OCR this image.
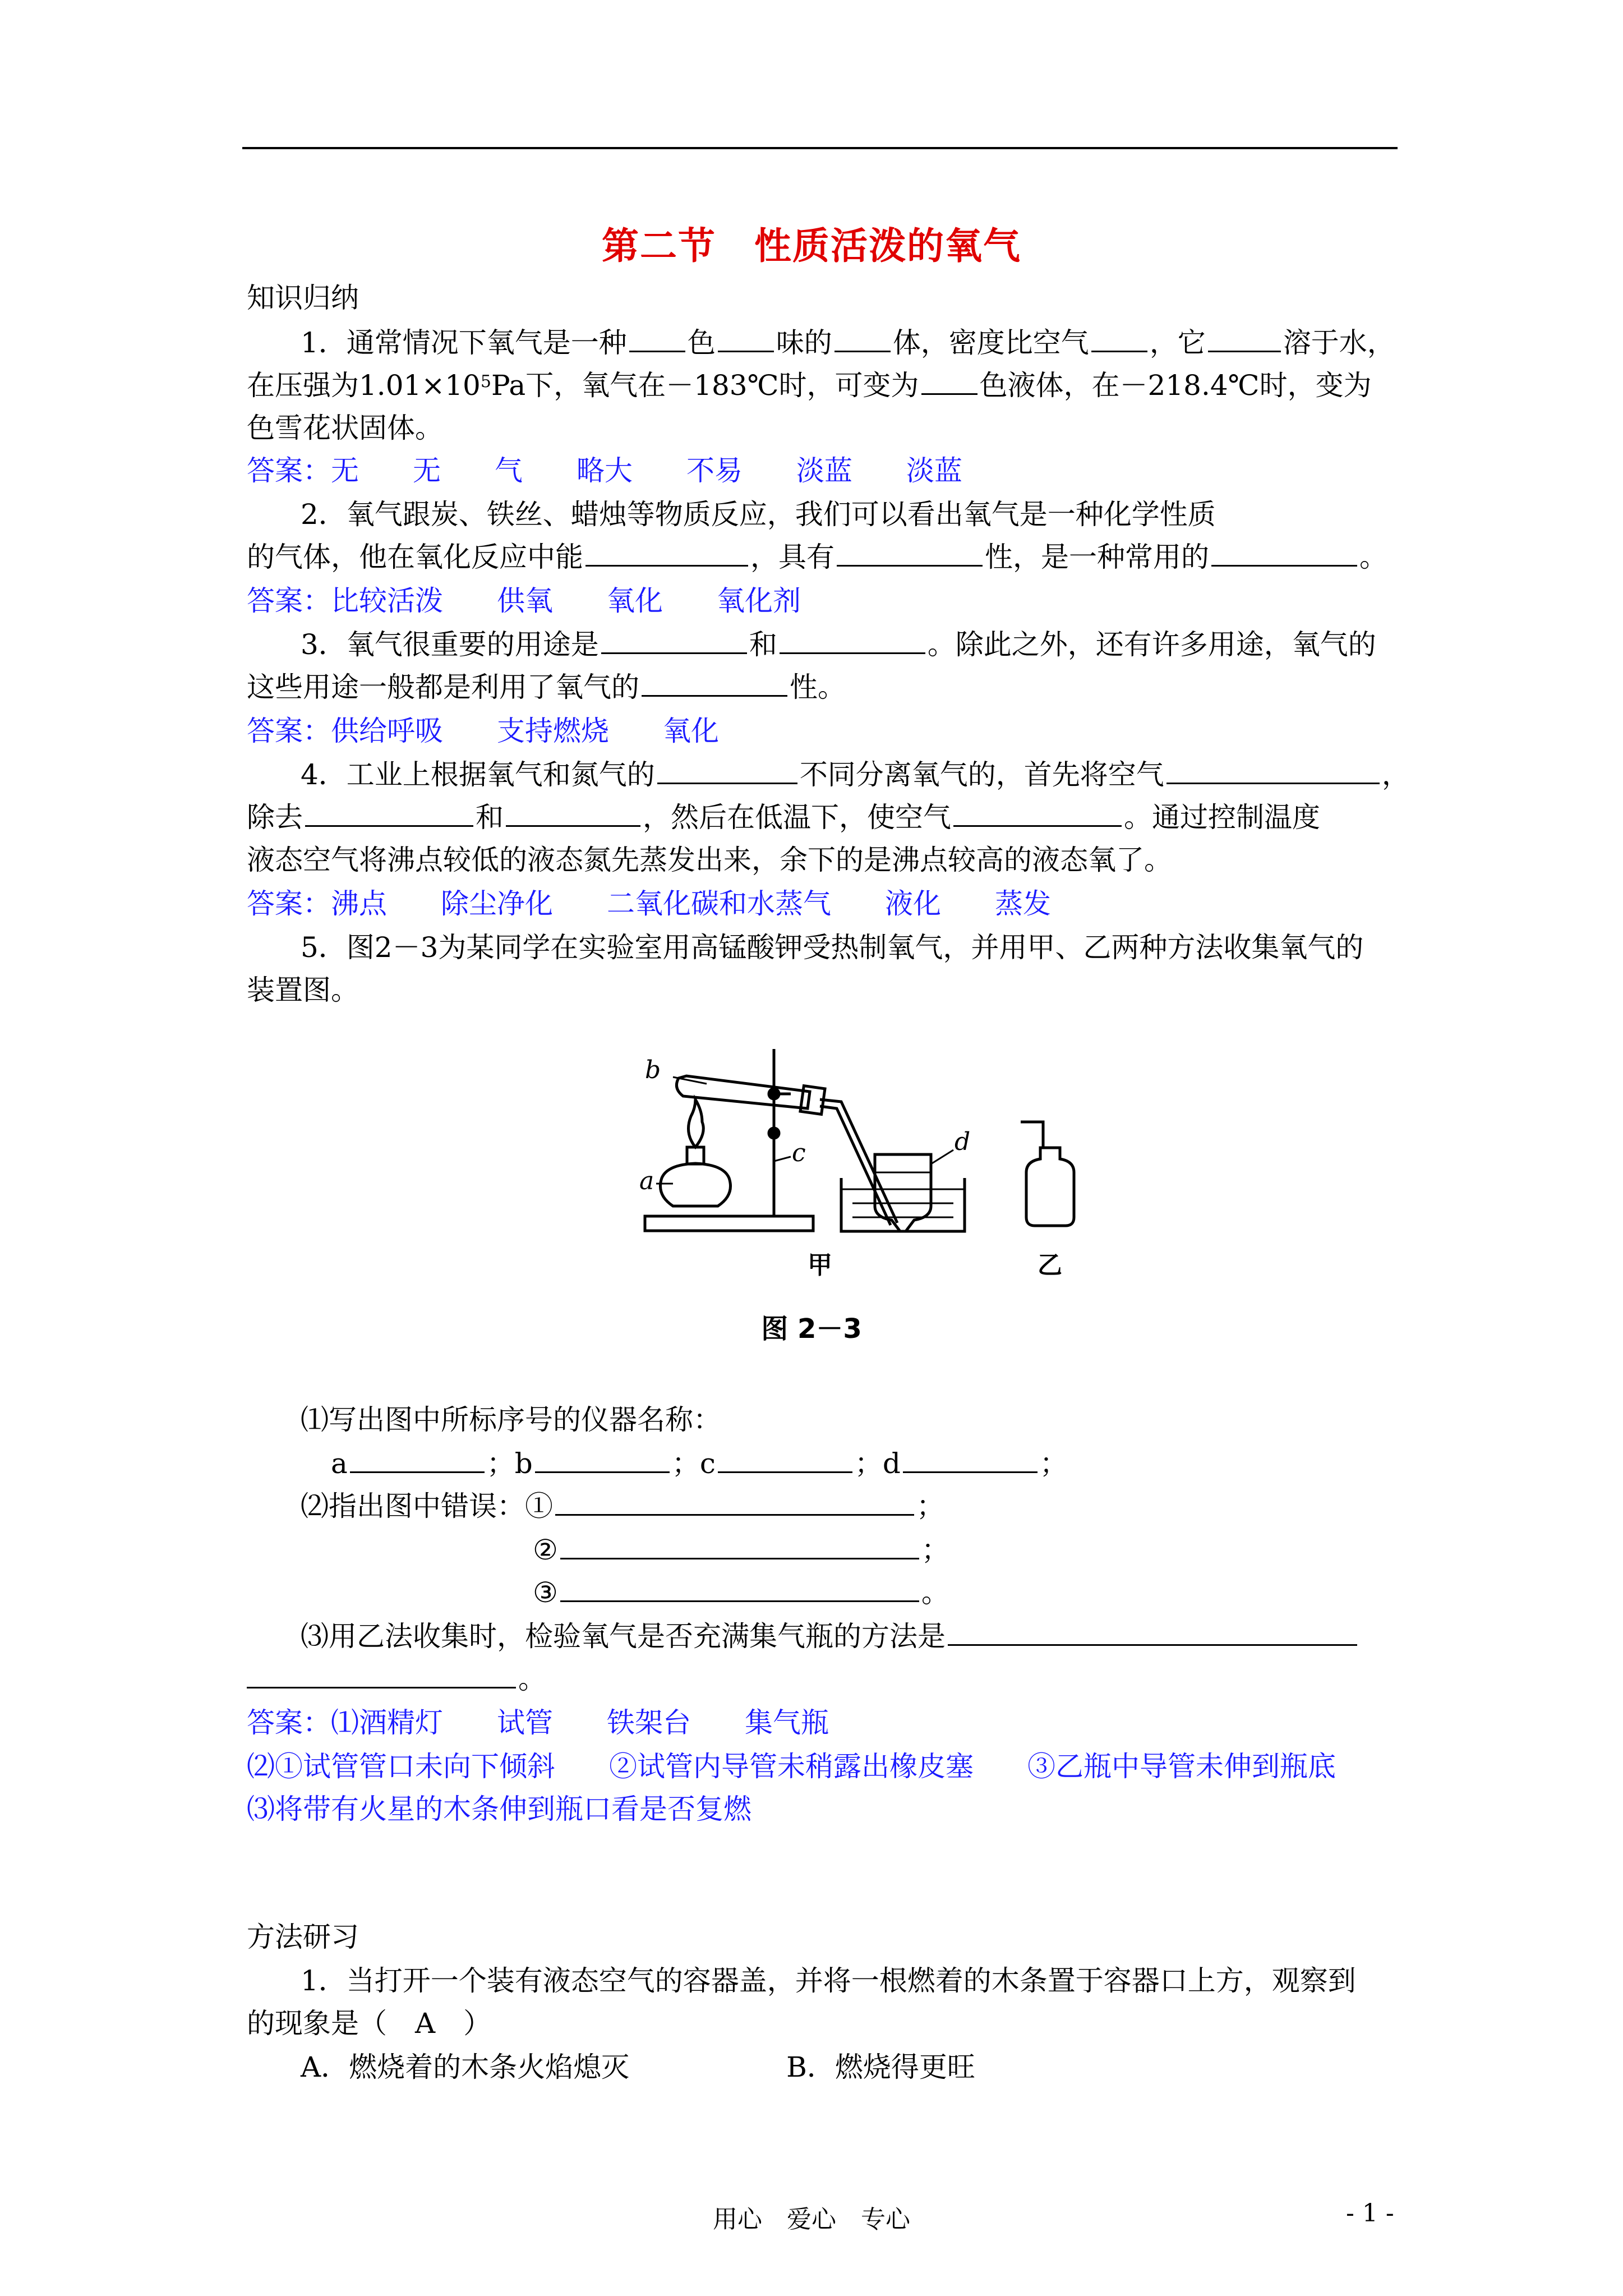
第二节　性质活泼的氧气
知识归纳
1．通常情况下氧气是一种 色 味的 体，密度比空气 ，它	溶于水，
在压强为$1.01\times 10^5Pa$下，氧气在－183℃时，可变为 色液体，在－218.4℃时，变为
色雪花状固体。
答案：无 无 气 略大 不易 淡蓝 淡蓝
2．氧气跟炭、铁丝、蜡烛等物质反应，我们可以看出氧气是一种化学性质
的气体，他在氧化反应中能	，具有	性，是一种常用的	。
答案：比较活泼 供氧 氧化 氧化剂
3．氧气很重要的用途是	和	。除此之外，还有许多用途，氧气的
这些用途一般都是利用了氧气的	性。
答案：供给呼吸 支持燃烧 氧化
4．工业上根据氧气和氮气的	不同分离氧气的，首先将空气	，
除去	和	，然后在低温下，使空气	。通过控制温度
液态空气将沸点较低的液态氮先蒸发出来，余下的是沸点较高的液态氧了。
答案：沸点 除尘净化 二氧化碳和水蒸气 液化 蒸发
5．图2－3为某同学在实验室用高锰酸钾受热制氧气，并用甲、乙两种方法收集氧气的
装置图。
b
a
c	d
甲	乙
图 2－3
⑴写出图中所标序号的仪器名称：
a	；b	；c	；d	；
⑵指出图中错误：①	；
②	；
③	。
⑶用乙法收集时，检验氧气是否充满集气瓶的方法是
。
答案：⑴酒精灯 试管 铁架台 集气瓶
⑵①试管管口未向下倾斜 ②试管内导管未稍露出橡皮塞 ③乙瓶中导管未伸到瓶底
⑶将带有火星的木条伸到瓶口看是否复燃
方法研习
1．当打开一个装有液态空气的容器盖，并将一根燃着的木条置于容器口上方，观察到
的现象是（　A　）
A．燃烧着的木条火焰熄灭	B．燃烧得更旺
用心　爱心　专心	- 1 -
